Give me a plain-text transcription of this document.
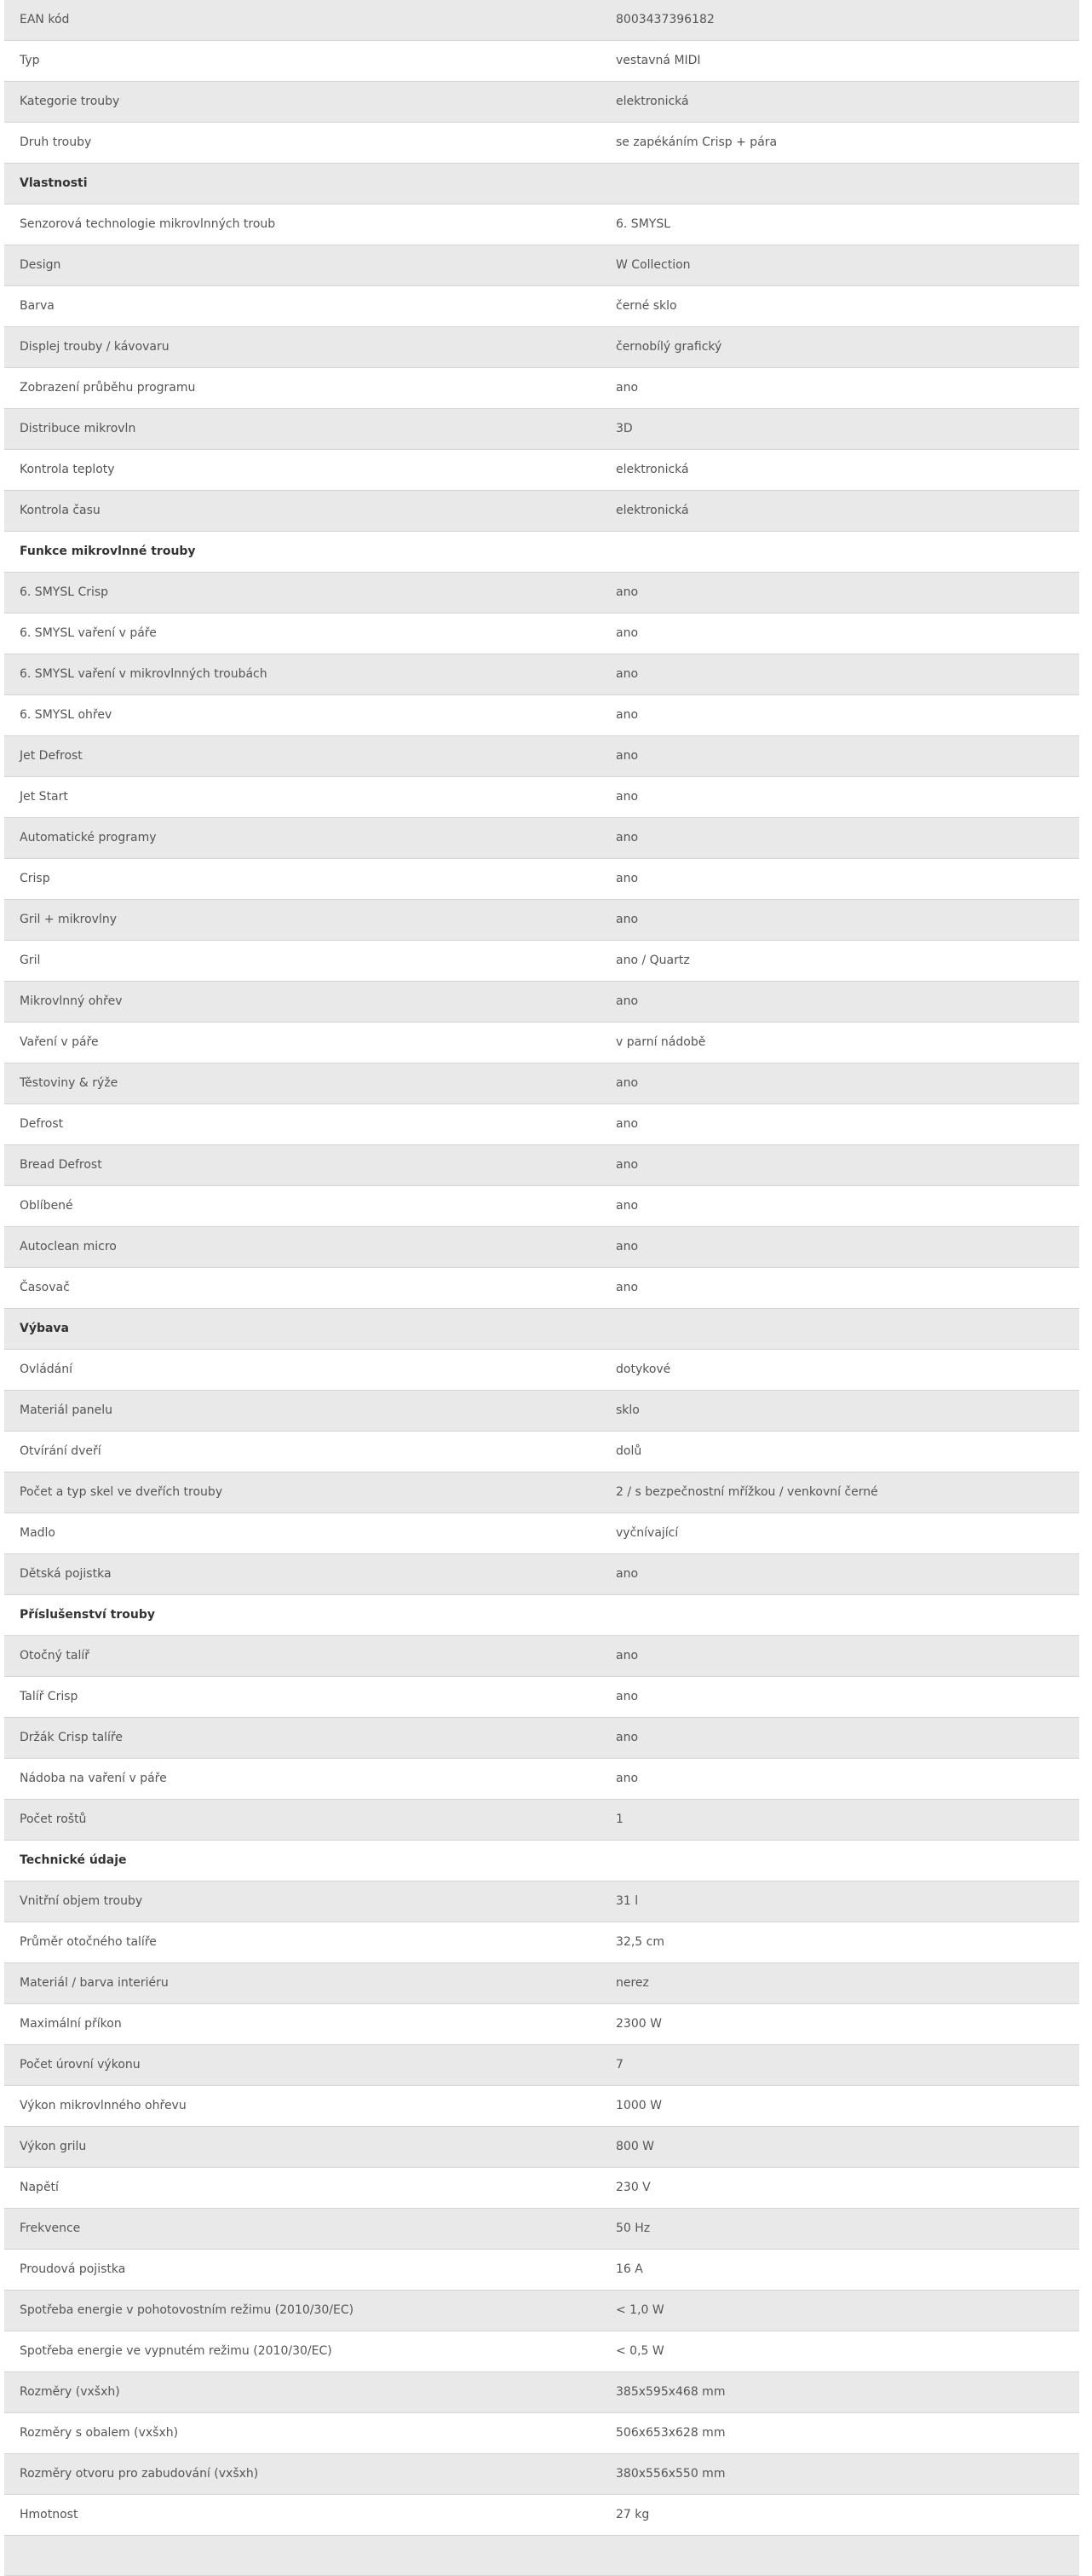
EAN kód	8003437396182
Typ	vestavná MIDI
Kategorie trouby	elektronická
Druh trouby	se zapékáním Crisp + pára
Vlastnosti	
Senzorová technologie mikrovlnných troub	6. SMYSL
Design	W Collection
Barva	černé sklo
Displej trouby / kávovaru	černobílý grafický
Zobrazení průběhu programu	ano
Distribuce mikrovln	3D
Kontrola teploty	elektronická
Kontrola času	elektronická
Funkce mikrovlnné trouby	
6. SMYSL Crisp	ano
6. SMYSL vaření v páře	ano
6. SMYSL vaření v mikrovlnných troubách	ano
6. SMYSL ohřev	ano
Jet Defrost	ano
Jet Start	ano
Automatické programy	ano
Crisp	ano
Gril + mikrovlny	ano
Gril	ano / Quartz
Mikrovlnný ohřev	ano
Vaření v páře	v parní nádobě
Těstoviny & rýže	ano
Defrost	ano
Bread Defrost	ano
Oblíbené	ano
Autoclean micro	ano
Časovač	ano
Výbava	
Ovládání	dotykové
Materiál panelu	sklo
Otvírání dveří	dolů
Počet a typ skel ve dveřích trouby	2 / s bezpečnostní mřížkou / venkovní černé
Madlo	vyčnívající
Dětská pojistka	ano
Příslušenství trouby	
Otočný talíř	ano
Talíř Crisp	ano
Držák Crisp talíře	ano
Nádoba na vaření v páře	ano
Počet roštů	1
Technické údaje	
Vnitřní objem trouby	31 l
Průměr otočného talíře	32,5 cm
Materiál / barva interiéru	nerez
Maximální příkon	2300 W
Počet úrovní výkonu	7
Výkon mikrovlnného ohřevu	1000 W
Výkon grilu	800 W
Napětí	230 V
Frekvence	50 Hz
Proudová pojistka	16 A
Spotřeba energie v pohotovostním režimu (2010/30/EC)	< 1,0 W
Spotřeba energie ve vypnutém režimu (2010/30/EC)	< 0,5 W
Rozměry (vxšxh)	385x595x468 mm
Rozměry s obalem (vxšxh)	506x653x628 mm
Rozměry otvoru pro zabudování (vxšxh)	380x556x550 mm
Hmotnost	27 kg
